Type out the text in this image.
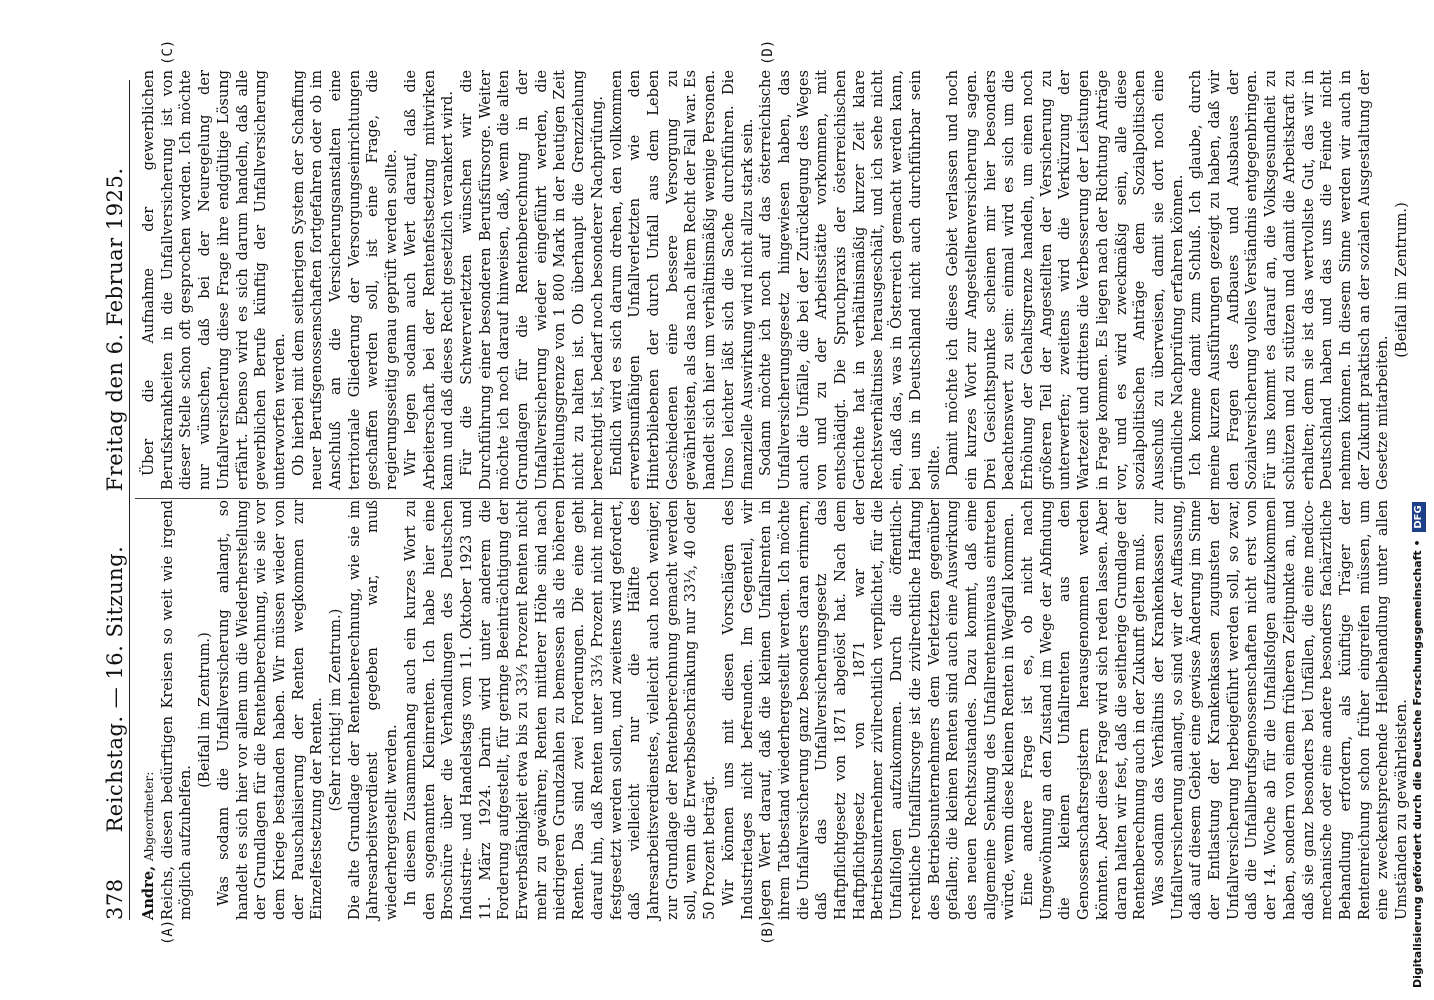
378
Reichstag. — 16. Sitzung.  Freitag den 6. Februar 1925.
(A)	(B)
(C)	(D)

Andre, Abgeordneter: Reichs, diesen bedürftigen Kreisen so weit wie irgend möglich aufzuhelfen.

(Beifall im Zentrum.) Was sodann die Unfallversicherung anlangt, so handelt es sich hier vor allem um die Wiederherstellung der Grundlagen für die Rentenberechnung, wie sie vor dem Kriege bestanden haben. Wir müssen wieder von der Pauschalisierung der Renten wegkommen zur Einzelfestsetzung der Renten. (Sehr richtig! im Zentrum.) Die alte Grundlage der Rentenberechnung, wie sie im Jahresarbeitsverdienst gegeben war, muß wiederhergestellt werden. In diesem Zusammenhang auch ein kurzes Wort zu den sogenannten Kleinrenten. Ich habe hier eine Broschüre über die Verhandlungen des Deutschen Industrie- und Handelstags vom 11. Oktober 1923 und 11. März 1924. Darin wird unter anderem die Forderung aufgestellt, für geringe Beeinträchtigung der Erwerbsfähigkeit etwa bis zu 33⅓ Prozent Renten nicht mehr zu gewähren; Renten mittlerer Höhe sind nach niedrigeren Grundzahlen zu bemessen als die höheren Renten. Das sind zwei Forderungen. Die eine geht darauf hin, daß Renten unter 33⅓ Prozent nicht mehr festgesetzt werden sollen, und zweitens wird gefordert, daß vielleicht nur die Hälfte des Jahresarbeitsverdienstes, vielleicht auch noch weniger, zur Grundlage der Rentenberechnung gemacht werden soll, wenn die Erwerbsbeschränkung nur 33⅓, 40 oder 50 Prozent beträgt. Wir können uns mit diesen Vorschlägen des Industrietages nicht befreunden. Im Gegenteil, wir legen Wert darauf, daß die kleinen Unfallrenten in ihrem Tatbestand wiederhergestellt werden. Ich möchte die Unfallversicherung ganz besonders daran erinnern, daß das Unfallversicherungsgesetz das Haftpflichtgesetz von 1871 abgelöst hat. Nach dem Haftpflichtgesetz von 1871 war der Betriebsunternehmer zivilrechtlich verpflichtet, für die Unfallfolgen aufzukommen. Durch die öffentlich-rechtliche Unfallfürsorge ist die zivilrechtliche Haftung des Betriebsunternehmers dem Verletzten gegenüber gefallen; die kleinen Renten sind auch eine Auswirkung des neuen Rechtszustandes. Dazu kommt, daß eine allgemeine Senkung des Unfallrentenniveaus eintreten würde, wenn diese kleinen Renten in Wegfall kommen. Eine andere Frage ist es, ob nicht nach Umgewöhnung an den Zustand im Wege der Abfindung die kleinen Unfallrenten aus den Genossenschaftsregistern herausgenommen werden könnten. Aber diese Frage wird sich reden lassen. Aber daran halten wir fest, daß die seitherige Grundlage der Rentenberechnung auch in der Zukunft gelten muß. Was sodann das Verhältnis der Krankenkassen zur Unfallversicherung anlangt, so sind wir der Auffassung, daß auf diesem Gebiet eine gewisse Änderung im Sinne der Entlastung der Krankenkassen zugunsten der Unfallversicherung herbeigeführt werden soll, so zwar, daß die Unfallberufsgenossenschaften nicht erst von der 14. Woche ab für die Unfallsfolgen aufzukommen haben, sondern von einem früheren Zeitpunkte an, und daß sie ganz besonders bei Unfällen, die eine medico-mechanische oder eine andere besonders fachärztliche Behandlung erfordern, als künftige Träger der Rentenreichung schon früher eingreifen müssen, um eine zweckentsprechende Heilbehandlung unter allen Umständen zu gewährleisten.

Über die Aufnahme der gewerblichen Berufskrankheiten in die Unfallversicherung ist von dieser Stelle schon oft gesprochen worden. Ich möchte nur wünschen, daß bei der Neuregelung der Unfallversicherung diese Frage ihre endgültige Lösung erfährt. Ebenso wird es sich darum handeln, daß alle gewerblichen Berufe künftig der Unfallversicherung unterworfen werden. Ob hierbei mit dem seitherigen System der Schaffung neuer Berufsgenossenschaften fortgefahren oder ob im Anschluß an die Versicherungsanstalten eine territoriale Gliederung der Versorgungseinrichtungen geschaffen werden soll, ist eine Frage, die regierungsseitig genau geprüft werden sollte. Wir legen sodann auch Wert darauf, daß die Arbeiterschaft bei der Rentenfestsetzung mitwirken kann und daß dieses Recht gesetzlich verankert wird. Für die Schwerverletzten wünschen wir die Durchführung einer besonderen Berufsfürsorge. Weiter möchte ich noch darauf hinweisen, daß, wenn die alten Grundlagen für die Rentenberechnung in der Unfallversicherung wieder eingeführt werden, die Drittelungsgrenze von 1 800 Mark in der heutigen Zeit nicht zu halten ist. Ob überhaupt die Grenzziehung berechtigt ist, bedarf noch besonderer Nachprüfung. Endlich wird es sich darum drehen, den vollkommen erwerbsunfähigen Unfallverletzten wie den Hinterbliebenen der durch Unfall aus dem Leben Geschiedenen eine bessere Versorgung zu gewährleisten, als das nach altem Recht der Fall war. Es handelt sich hier um verhältnismäßig wenige Personen. Umso leichter läßt sich die Sache durchführen. Die finanzielle Auswirkung wird nicht allzu stark sein. Sodann möchte ich noch auf das österreichische Unfallversicherungsgesetz hingewiesen haben, das auch die Unfälle, die bei der Zurücklegung des Weges von und zu der Arbeitsstätte vorkommen, mit entschädigt. Die Spruchpraxis der österreichischen Gerichte hat in verhältnismäßig kurzer Zeit klare Rechtsverhältnisse herausgeschält, und ich sehe nicht ein, daß das, was in Österreich gemacht werden kann, bei uns in Deutschland nicht auch durchführbar sein sollte. Damit möchte ich dieses Gebiet verlassen und noch ein kurzes Wort zur Angestelltenversicherung sagen. Drei Gesichtspunkte scheinen mir hier besonders beachtenswert zu sein: einmal wird es sich um die Erhöhung der Gehaltsgrenze handeln, um einen noch größeren Teil der Angestellten der Versicherung zu unterwerfen; zweitens wird die Verkürzung der Wartezeit und drittens die Verbesserung der Leistungen in Frage kommen. Es liegen nach der Richtung Anträge vor, und es wird zweckmäßig sein, alle diese sozialpolitischen Anträge dem Sozialpolitischen Ausschuß zu überweisen, damit sie dort noch eine gründliche Nachprüfung erfahren können. Ich komme damit zum Schluß. Ich glaube, durch meine kurzen Ausführungen gezeigt zu haben, daß wir den Fragen des Aufbaues und Ausbaues der Sozialversicherung volles Verständnis entgegenbringen. Für uns kommt es darauf an, die Volksgesundheit zu schützen und zu stützen und damit die Arbeitskraft zu erhalten; denn sie ist das wertvollste Gut, das wir in Deutschland haben und das uns die Feinde nicht nehmen können. In diesem Sinne werden wir auch in der Zukunft praktisch an der sozialen Ausgestaltung der Gesetze mitarbeiten.

(Beifall im Zentrum.)

Digitalisierung gefördert durch die Deutsche Forschungsgemeinschaft • DFG
